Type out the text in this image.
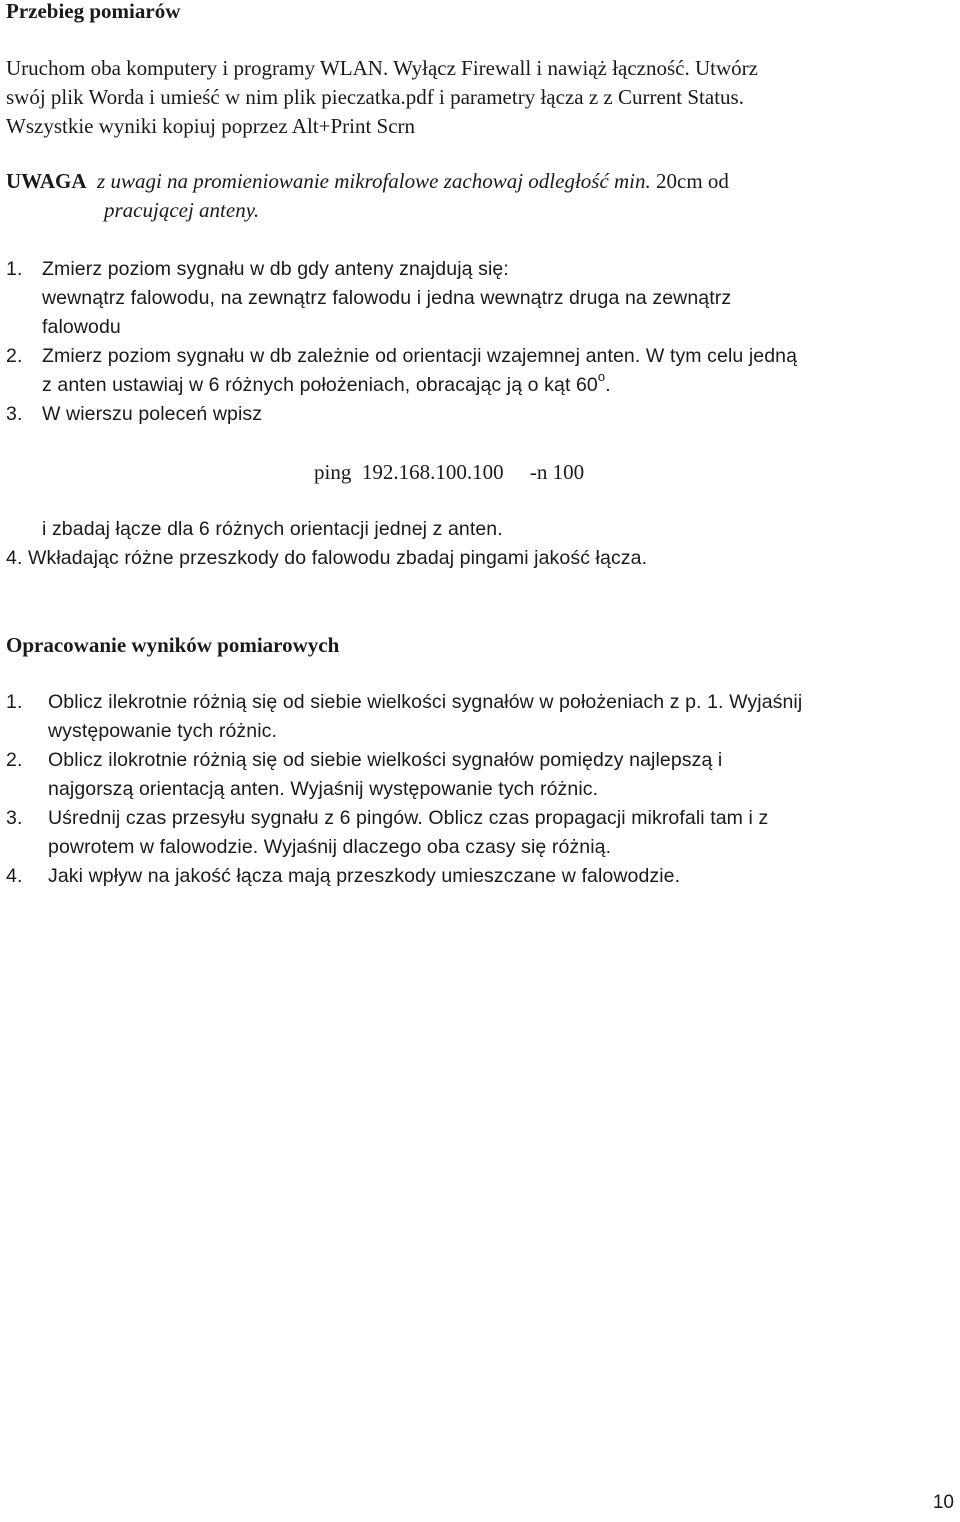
Przebieg pomiarów
Uruchom oba komputery i programy WLAN. Wyłącz Firewall i nawiąż łączność. Utwórz
swój plik Worda i umieść w nim plik pieczatka.pdf i parametry łącza z z Current Status.
Wszystkie wyniki kopiuj poprzez Alt+Print Scrn
UWAGA z uwagi na promieniowanie mikrofalowe zachowaj odległość min. 20cm od
pracującej anteny.
1. Zmierz poziom sygnału w db gdy anteny znajdują się:
wewnątrz falowodu, na zewnątrz falowodu i jedna wewnątrz druga na zewnątrz
falowodu
2. Zmierz poziom sygnału w db zależnie od orientacji wzajemnej anten. W tym celu jedną
z anten ustawiaj w 6 różnych położeniach, obracając ją o kąt 60$^o$.
3. W wierszu poleceń wpisz
ping  192.168.100.100     -n 100
i zbadaj łącze dla 6 różnych orientacji jednej z anten.
4. Wkładając różne przeszkody do falowodu zbadaj pingami jakość łącza.
Opracowanie wyników pomiarowych
1. Oblicz ilekrotnie różnią się od siebie wielkości sygnałów w położeniach z p. 1. Wyjaśnij
występowanie tych różnic.
2. Oblicz ilokrotnie różnią się od siebie wielkości sygnałów pomiędzy najlepszą i
najgorszą orientacją anten. Wyjaśnij występowanie tych różnic.
3. Uśrednij czas przesyłu sygnału z 6 pingów. Oblicz czas propagacji mikrofali tam i z
powrotem w falowodzie. Wyjaśnij dlaczego oba czasy się różnią.
4. Jaki wpływ na jakość łącza mają przeszkody umieszczane w falowodzie.
10
